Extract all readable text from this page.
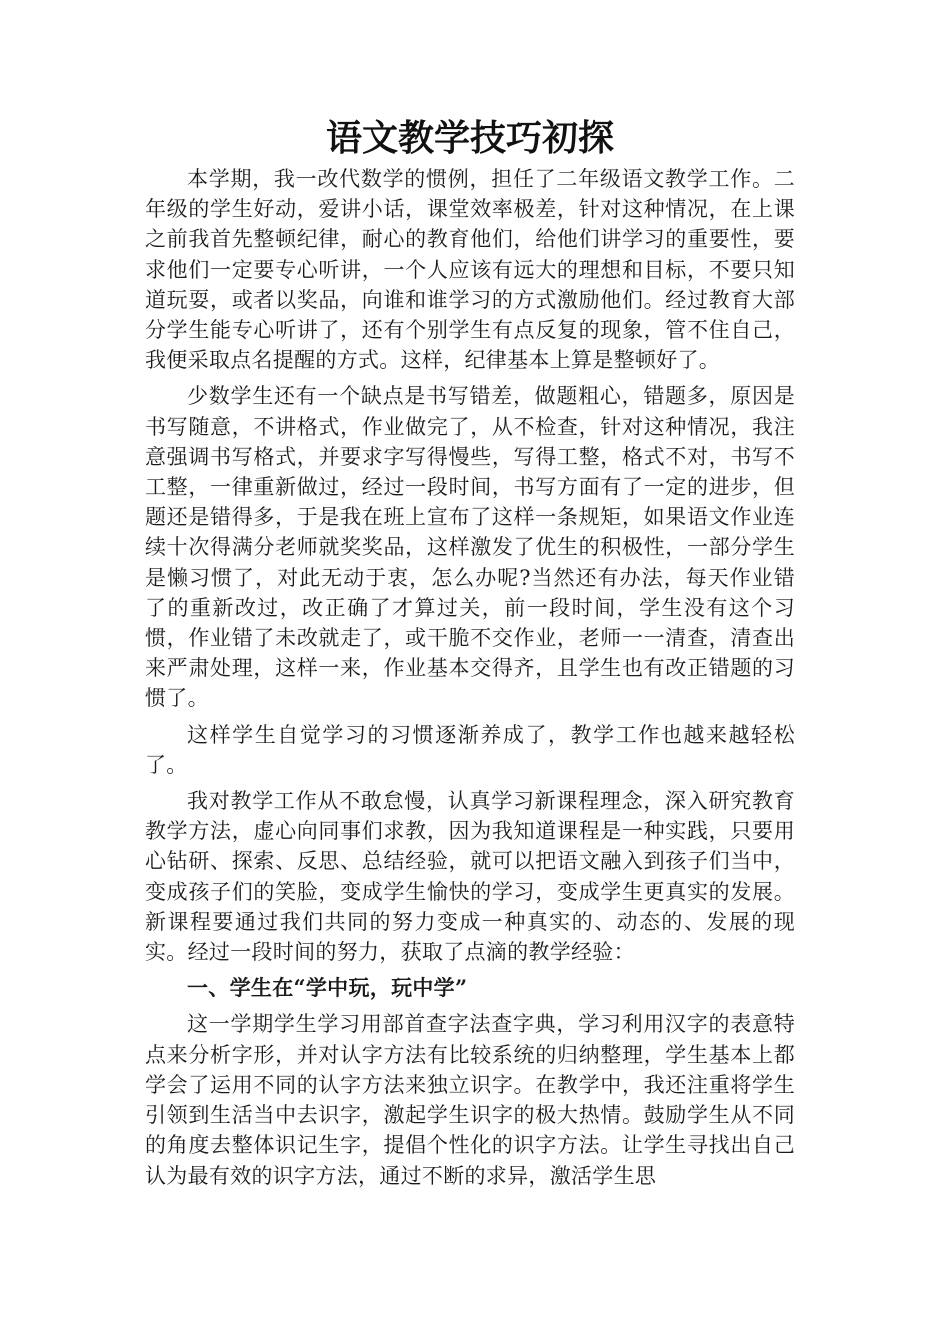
语文教学技巧初探

本学期，我一改代数学的惯例，担任了二年级语文教学工作。二年级的学生好动，爱讲小话，课堂效率极差，针对这种情况，在上课之前我首先整顿纪律，耐心的教育他们，给他们讲学习的重要性，要求他们一定要专心听讲，一个人应该有远大的理想和目标，不要只知道玩耍，或者以奖品，向谁和谁学习的方式激励他们。经过教育大部分学生能专心听讲了，还有个别学生有点反复的现象，管不住自己，我便采取点名提醒的方式。这样，纪律基本上算是整顿好了。

少数学生还有一个缺点是书写错差，做题粗心，错题多，原因是书写随意，不讲格式，作业做完了，从不检查，针对这种情况，我注意强调书写格式，并要求字写得慢些，写得工整，格式不对，书写不工整，一律重新做过，经过一段时间，书写方面有了一定的进步，但题还是错得多，于是我在班上宣布了这样一条规矩，如果语文作业连续十次得满分老师就奖奖品，这样激发了优生的积极性，一部分学生是懒习惯了，对此无动于衷，怎么办呢?当然还有办法，每天作业错了的重新改过，改正确了才算过关，前一段时间，学生没有这个习惯，作业错了未改就走了，或干脆不交作业，老师一一清查，清查出来严肃处理，这样一来，作业基本交得齐，且学生也有改正错题的习惯了。

这样学生自觉学习的习惯逐渐养成了，教学工作也越来越轻松了。

我对教学工作从不敢怠慢，认真学习新课程理念，深入研究教育教学方法，虚心向同事们求教，因为我知道课程是一种实践，只要用心钻研、探索、反思、总结经验，就可以把语文融入到孩子们当中，变成孩子们的笑脸，变成学生愉快的学习，变成学生更真实的发展。新课程要通过我们共同的努力变成一种真实的、动态的、发展的现实。经过一段时间的努力，获取了点滴的教学经验：

一、学生在“学中玩，玩中学”

这一学期学生学习用部首查字法查字典，学习利用汉字的表意特点来分析字形，并对认字方法有比较系统的归纳整理，学生基本上都学会了运用不同的认字方法来独立识字。在教学中，我还注重将学生引领到生活当中去识字，激起学生识字的极大热情。鼓励学生从不同的角度去整体识记生字，提倡个性化的识字方法。让学生寻找出自己认为最有效的识字方法，通过不断的求异，激活学生思
